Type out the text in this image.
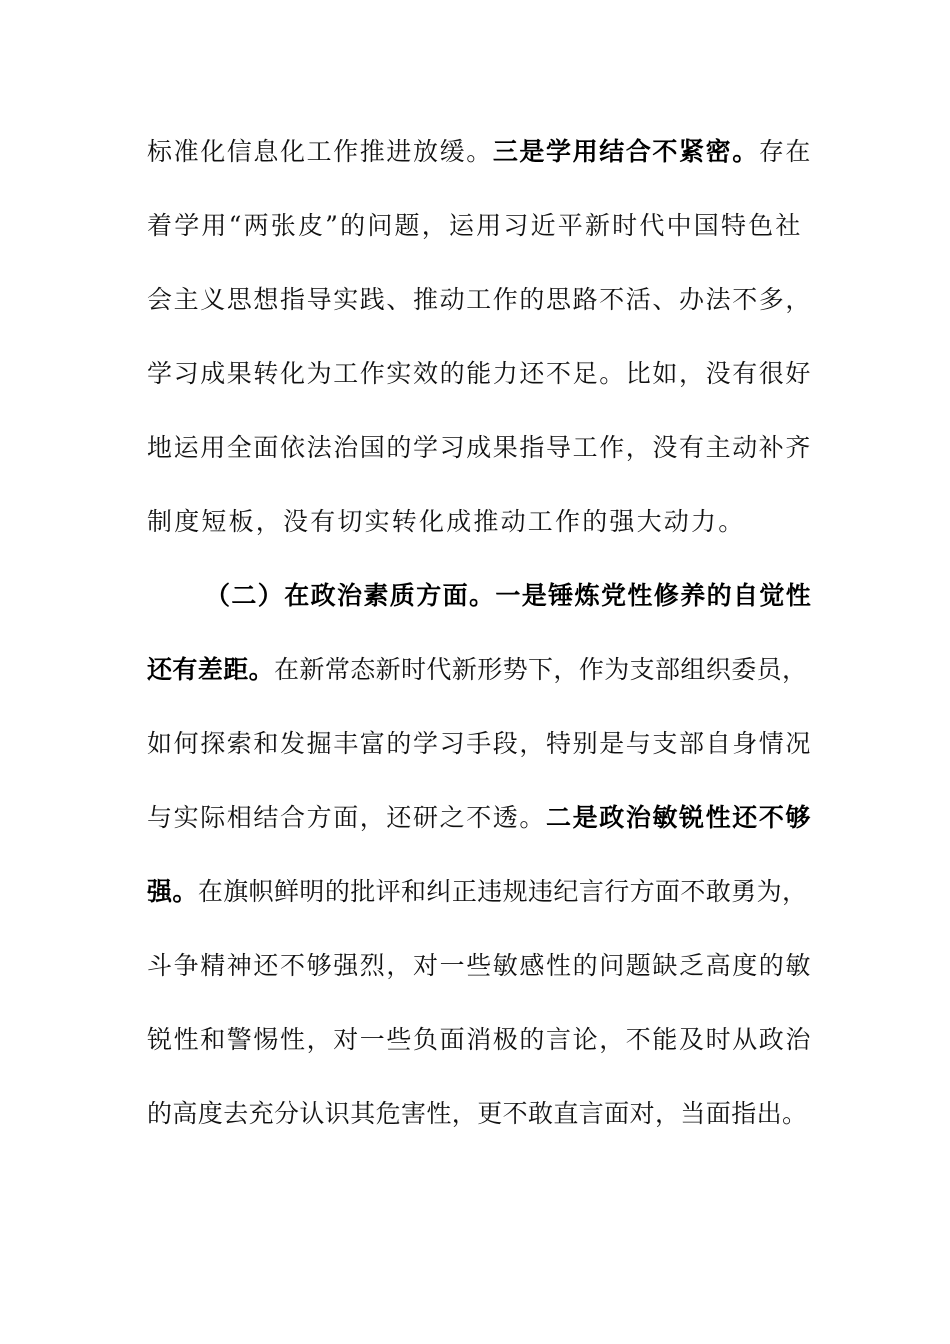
标准化信息化工作推进放缓。三是学用结合不紧密。存在
着学用“两张皮”的问题，运用习近平新时代中国特色社
会主义思想指导实践、推动工作的思路不活、办法不多，
学习成果转化为工作实效的能力还不足。比如，没有很好
地运用全面依法治国的学习成果指导工作，没有主动补齐
制度短板，没有切实转化成推动工作的强大动力。
（二）在政治素质方面。一是锤炼党性修养的自觉性
还有差距。在新常态新时代新形势下，作为支部组织委员，
如何探索和发掘丰富的学习手段，特别是与支部自身情况
与实际相结合方面，还研之不透。二是政治敏锐性还不够
强。在旗帜鲜明的批评和纠正违规违纪言行方面不敢勇为，
斗争精神还不够强烈，对一些敏感性的问题缺乏高度的敏
锐性和警惕性，对一些负面消极的言论，不能及时从政治
的高度去充分认识其危害性，更不敢直言面对，当面指出。
